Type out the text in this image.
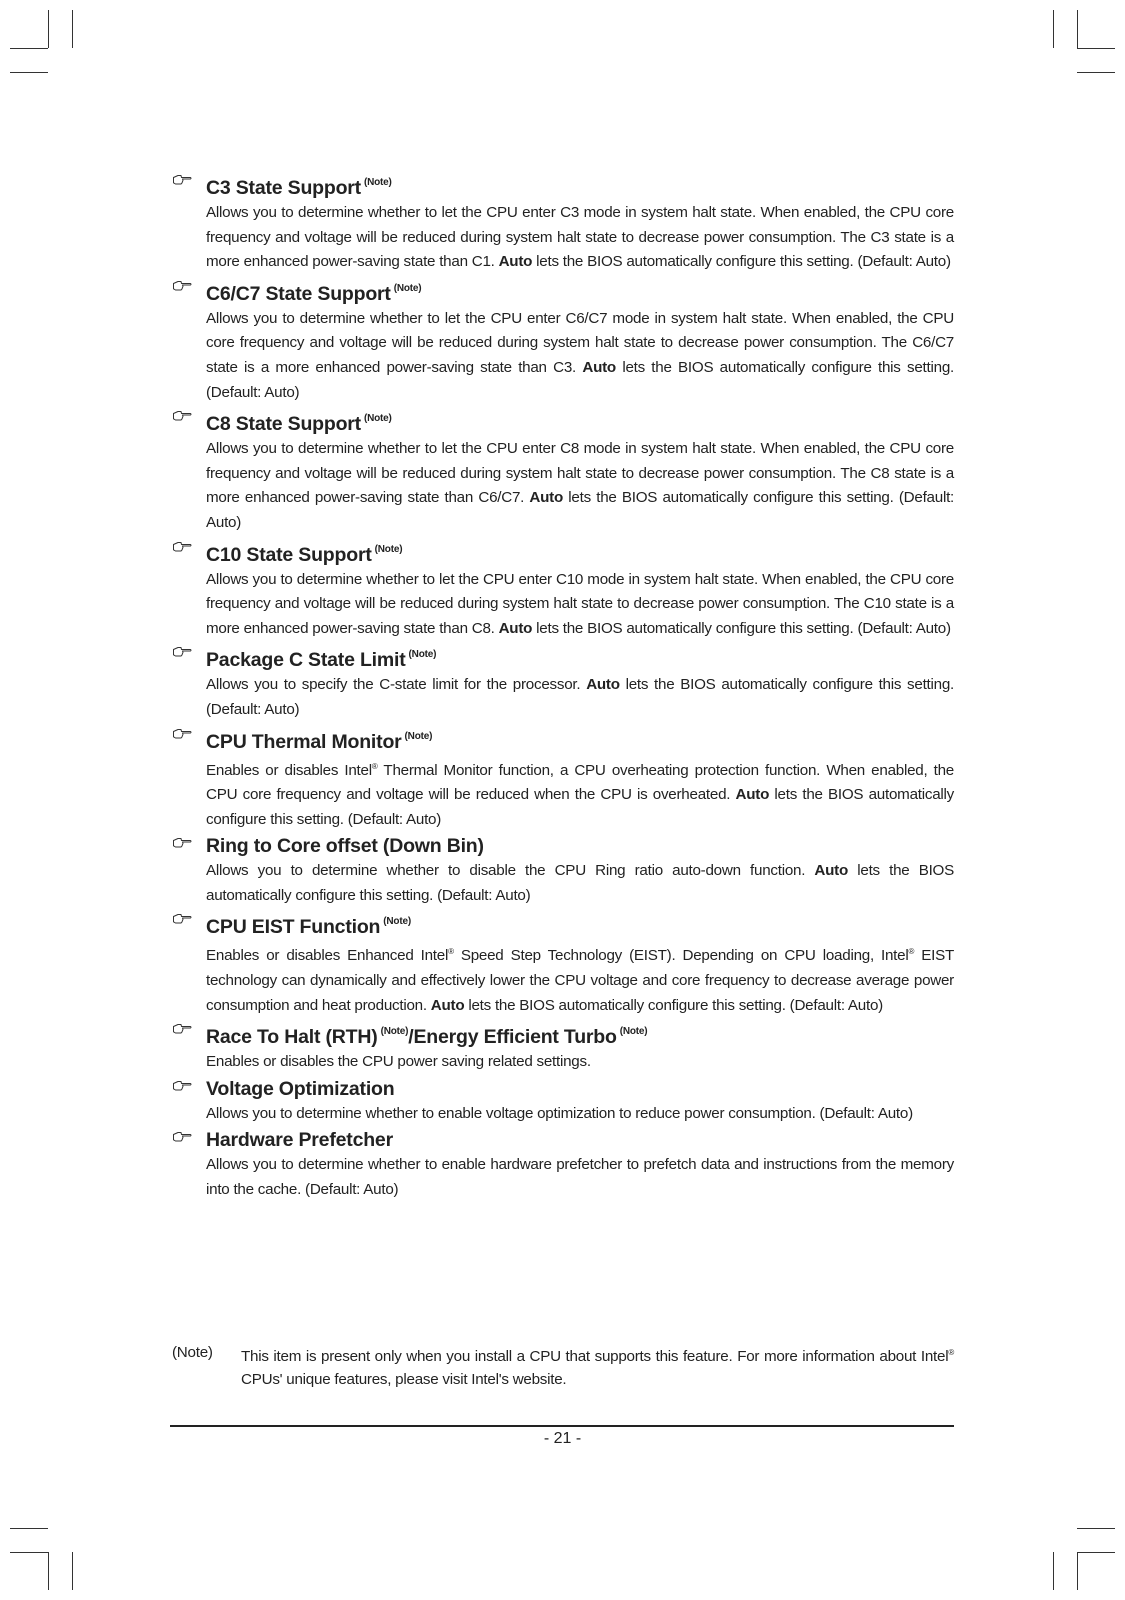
C3 State Support $^{(Note)}$
Allows you to determine whether to let the CPU enter C3 mode in system halt state. When enabled, the CPU core frequency and voltage will be reduced during system halt state to decrease power consumption. The C3 state is a more enhanced power-saving state than C1. Auto lets the BIOS automatically configure this setting. (Default: Auto)
C6/C7 State Support $^{(Note)}$
Allows you to determine whether to let the CPU enter C6/C7 mode in system halt state. When enabled, the CPU core frequency and voltage will be reduced during system halt state to decrease power consumption. The C6/C7 state is a more enhanced power-saving state than C3. Auto lets the BIOS automatically configure this setting. (Default: Auto)
C8 State Support $^{(Note)}$
Allows you to determine whether to let the CPU enter C8 mode in system halt state. When enabled, the CPU core frequency and voltage will be reduced during system halt state to decrease power consumption. The C8 state is a more enhanced power-saving state than C6/C7. Auto lets the BIOS automatically configure this setting. (Default: Auto)
C10 State Support $^{(Note)}$
Allows you to determine whether to let the CPU enter C10 mode in system halt state. When enabled, the CPU core frequency and voltage will be reduced during system halt state to decrease power consumption. The C10 state is a more enhanced power-saving state than C8. Auto lets the BIOS automatically configure this setting. (Default: Auto)
Package C State Limit $^{(Note)}$
Allows you to specify the C-state limit for the processor. Auto lets the BIOS automatically configure this setting. (Default: Auto)
CPU Thermal Monitor $^{(Note)}$
Enables or disables Intel® Thermal Monitor function, a CPU overheating protection function. When enabled, the CPU core frequency and voltage will be reduced when the CPU is overheated. Auto lets the BIOS automatically configure this setting. (Default: Auto)
Ring to Core offset (Down Bin)
Allows you to determine whether to disable the CPU Ring ratio auto-down function. Auto lets the BIOS automatically configure this setting. (Default: Auto)
CPU EIST Function $^{(Note)}$
Enables or disables Enhanced Intel® Speed Step Technology (EIST). Depending on CPU loading, Intel® EIST technology can dynamically and effectively lower the CPU voltage and core frequency to decrease average power consumption and heat production. Auto lets the BIOS automatically configure this setting. (Default: Auto)
Race To Halt (RTH) $^{(Note)}$/Energy Efficient Turbo $^{(Note)}$
Enables or disables the CPU power saving related settings.
Voltage Optimization
Allows you to determine whether to enable voltage optimization to reduce power consumption. (Default: Auto)
Hardware Prefetcher
Allows you to determine whether to enable hardware prefetcher to prefetch data and instructions from the memory into the cache. (Default: Auto)
(Note) This item is present only when you install a CPU that supports this feature. For more information about Intel® CPUs' unique features, please visit Intel's website.
- 21 -
